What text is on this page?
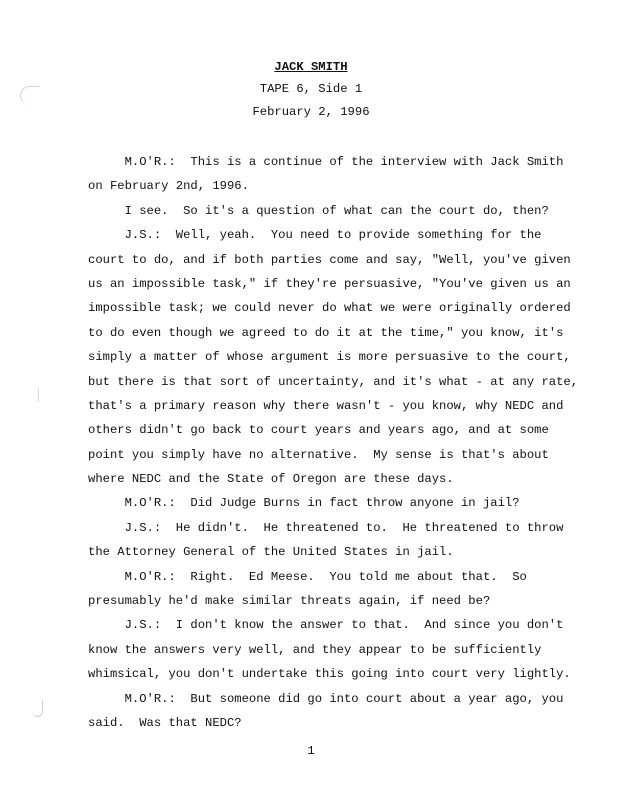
JACK SMITH
TAPE 6, Side 1
February 2, 1996
M.O'R.:  This is a continue of the interview with Jack Smith
on February 2nd, 1996.
I see.  So it's a question of what can the court do, then?
J.S.:  Well, yeah.  You need to provide something for the
court to do, and if both parties come and say, "Well, you've given
us an impossible task," if they're persuasive, "You've given us an
impossible task; we could never do what we were originally ordered
to do even though we agreed to do it at the time," you know, it's
simply a matter of whose argument is more persuasive to the court,
but there is that sort of uncertainty, and it's what - at any rate,
that's a primary reason why there wasn't - you know, why NEDC and
others didn't go back to court years and years ago, and at some
point you simply have no alternative.  My sense is that's about
where NEDC and the State of Oregon are these days.
M.O'R.:  Did Judge Burns in fact throw anyone in jail?
J.S.:  He didn't.  He threatened to.  He threatened to throw
the Attorney General of the United States in jail.
M.O'R.:  Right.  Ed Meese.  You told me about that.  So
presumably he'd make similar threats again, if need be?
J.S.:  I don't know the answer to that.  And since you don't
know the answers very well, and they appear to be sufficiently
whimsical, you don't undertake this going into court very lightly.
M.O'R.:  But someone did go into court about a year ago, you
said.  Was that NEDC?
1
